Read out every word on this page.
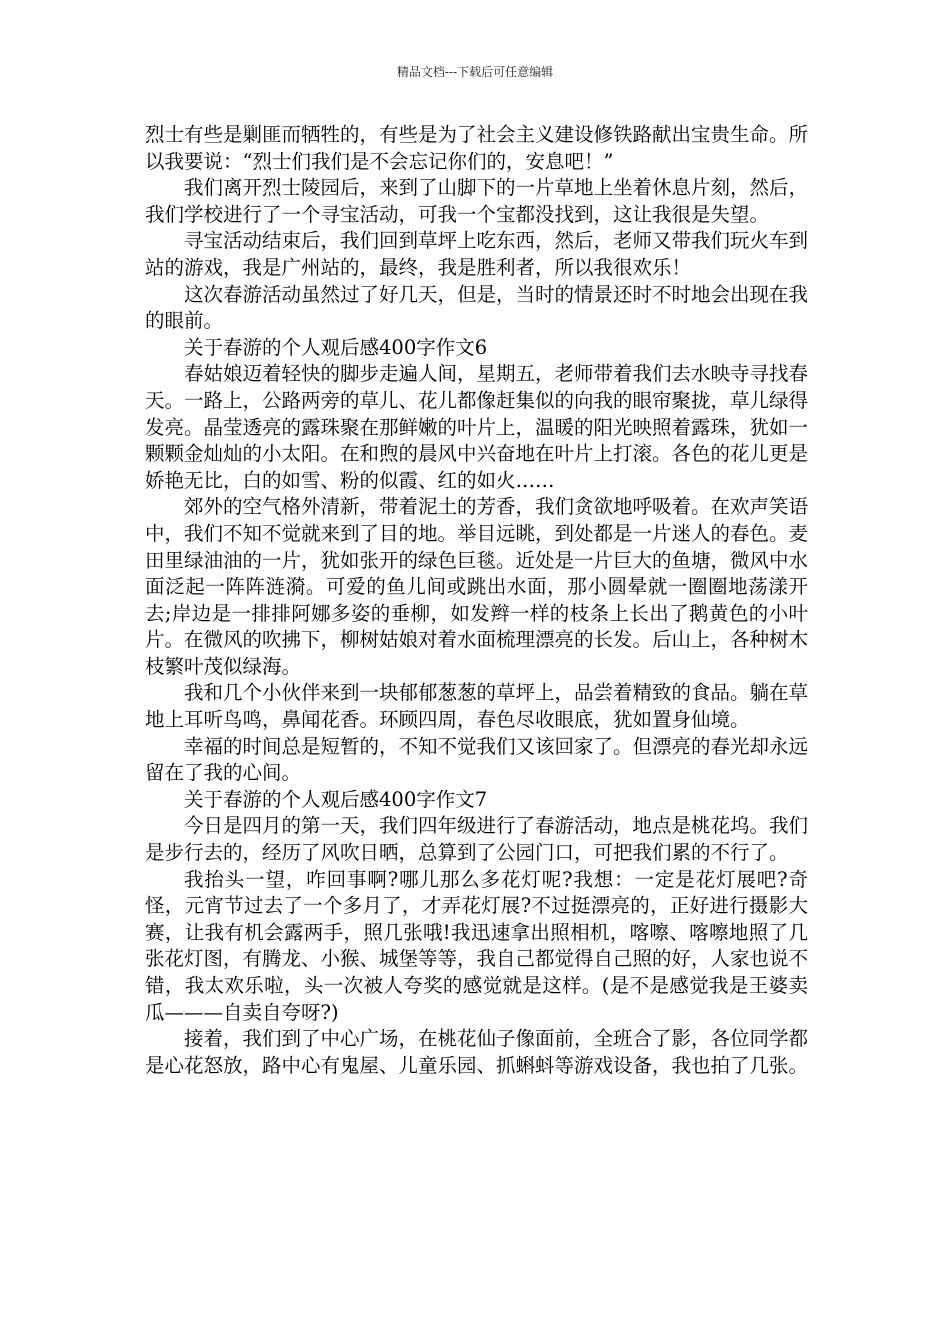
精品文档---下载后可任意编辑

烈士有些是剿匪而牺牲的，有些是为了社会主义建设修铁路献出宝贵生命。所以我要说：“烈士们我们是不会忘记你们的，安息吧！”

我们离开烈士陵园后，来到了山脚下的一片草地上坐着休息片刻，然后，我们学校进行了一个寻宝活动，可我一个宝都没找到，这让我很是失望。

寻宝活动结束后，我们回到草坪上吃东西，然后，老师又带我们玩火车到站的游戏，我是广州站的，最终，我是胜利者，所以我很欢乐！

这次春游活动虽然过了好几天，但是，当时的情景还时不时地会出现在我的眼前。

关于春游的个人观后感400字作文6

春姑娘迈着轻快的脚步走遍人间，星期五，老师带着我们去水映寺寻找春天。一路上，公路两旁的草儿、花儿都像赶集似的向我的眼帘聚拢，草儿绿得发亮。晶莹透亮的露珠聚在那鲜嫩的叶片上，温暖的阳光映照着露珠，犹如一颗颗金灿灿的小太阳。在和煦的晨风中兴奋地在叶片上打滚。各色的花儿更是娇艳无比，白的如雪、粉的似霞、红的如火……

郊外的空气格外清新，带着泥土的芳香，我们贪欲地呼吸着。在欢声笑语中，我们不知不觉就来到了目的地。举目远眺，到处都是一片迷人的春色。麦田里绿油油的一片，犹如张开的绿色巨毯。近处是一片巨大的鱼塘，微风中水面泛起一阵阵涟漪。可爱的鱼儿间或跳出水面，那小圆晕就一圈圈地荡漾开去;岸边是一排排阿娜多姿的垂柳，如发辫一样的枝条上长出了鹅黄色的小叶片。在微风的吹拂下，柳树姑娘对着水面梳理漂亮的长发。后山上，各种树木枝繁叶茂似绿海。

我和几个小伙伴来到一块郁郁葱葱的草坪上，品尝着精致的食品。躺在草地上耳听鸟鸣，鼻闻花香。环顾四周，春色尽收眼底，犹如置身仙境。

幸福的时间总是短暂的，不知不觉我们又该回家了。但漂亮的春光却永远留在了我的心间。

关于春游的个人观后感400字作文7

今日是四月的第一天，我们四年级进行了春游活动，地点是桃花坞。我们是步行去的，经历了风吹日晒，总算到了公园门口，可把我们累的不行了。

我抬头一望，咋回事啊?哪儿那么多花灯呢?我想：一定是花灯展吧?奇怪，元宵节过去了一个多月了，才弄花灯展?不过挺漂亮的，正好进行摄影大赛，让我有机会露两手，照几张哦!我迅速拿出照相机，喀嚓、喀嚓地照了几张花灯图，有腾龙、小猴、城堡等等，我自己都觉得自己照的好，人家也说不错，我太欢乐啦，头一次被人夸奖的感觉就是这样。(是不是感觉我是王婆卖瓜———自卖自夸呀?)

接着，我们到了中心广场，在桃花仙子像面前，全班合了影，各位同学都是心花怒放，路中心有鬼屋、儿童乐园、抓蝌蚪等游戏设备，我也拍了几张。
